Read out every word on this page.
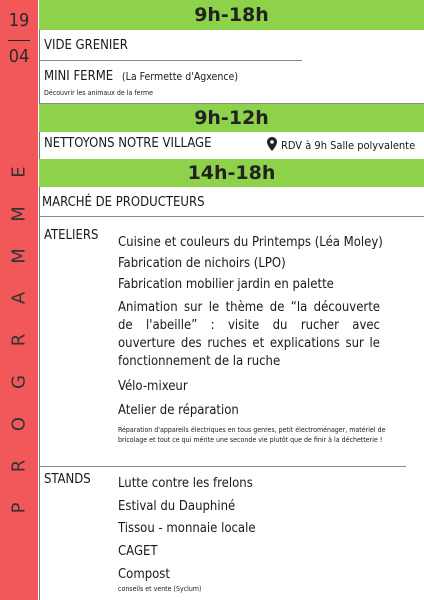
19
04
P
R
O
G
R
A
M
M
E
9h-18h
VIDE GRENIER
MINI FERME (La Fermette d'Agxence)
Découvrir les animaux de la ferme
9h-12h
NETTOYONS NOTRE VILLAGE	RDV à 9h Salle polyvalente
14h-18h
MARCHÉ DE PRODUCTEURS
ATELIERS Cuisine et couleurs du Printemps (Léa Moley)
Fabrication de nichoirs (LPO)
Fabrication mobilier jardin en palette
Animation sur le thème de “la découverte de l'abeille” : visite du rucher avec ouverture des ruches et explications sur le fonctionnement de la ruche
Vélo-mixeur
Atelier de réparation
Réparation d'appareils électriques en tous genres, petit électroménager, matériel de bricolage et tout ce qui mérite une seconde vie plutôt que de finir à la déchetterie !
STANDS Lutte contre les frelons
Estival du Dauphiné
Tissou - monnaie locale
CAGET
Compost
conseils et vente (Syclum)
